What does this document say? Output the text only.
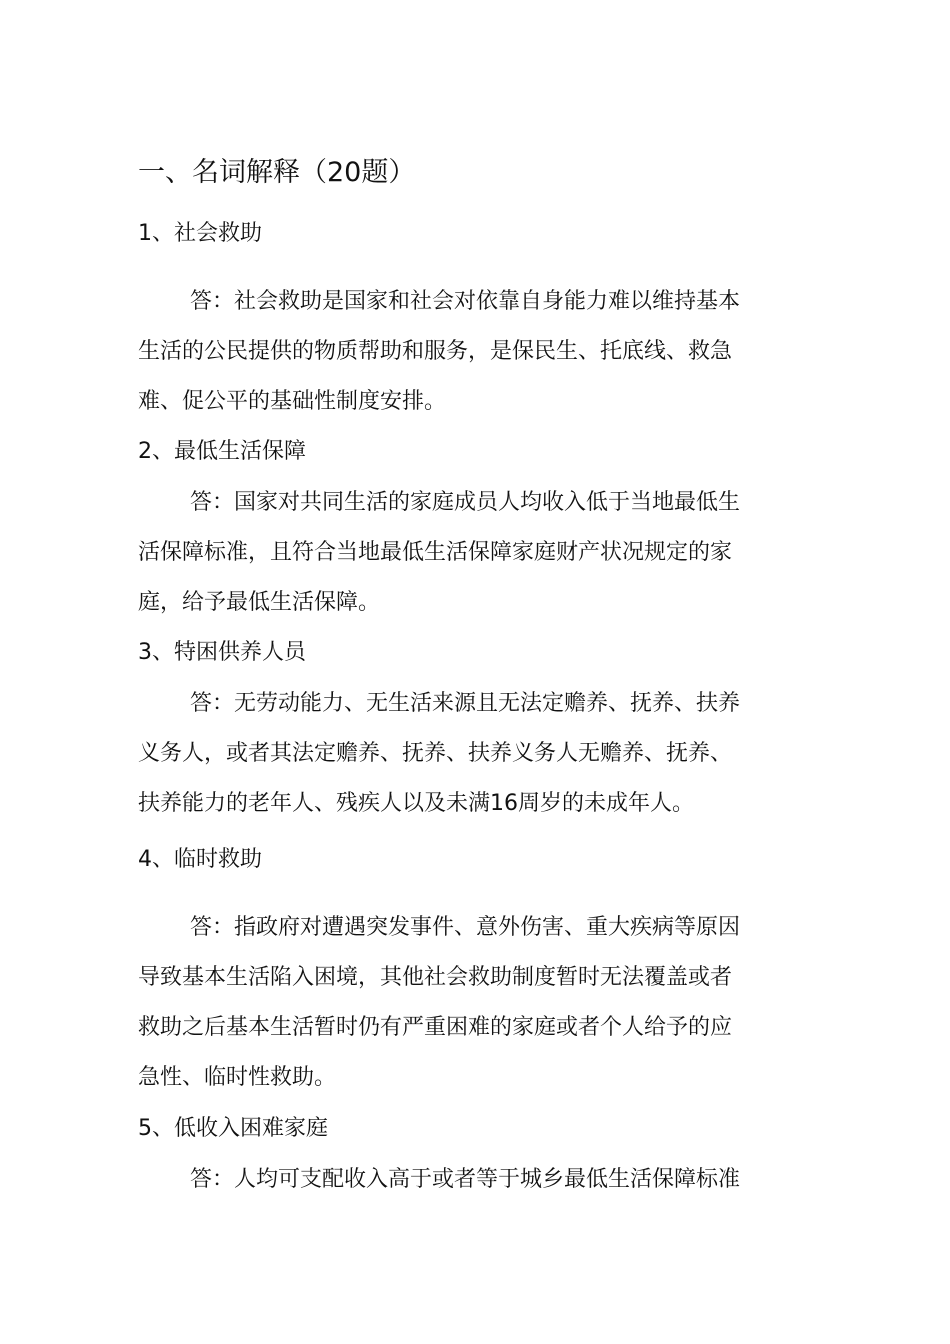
一、名词解释（20题）
1、社会救助
答：社会救助是国家和社会对依靠自身能力难以维持基本
生活的公民提供的物质帮助和服务，是保民生、托底线、救急
难、促公平的基础性制度安排。
2、最低生活保障
答：国家对共同生活的家庭成员人均收入低于当地最低生
活保障标准，且符合当地最低生活保障家庭财产状况规定的家
庭，给予最低生活保障。
3、特困供养人员
答：无劳动能力、无生活来源且无法定赡养、抚养、扶养
义务人，或者其法定赡养、抚养、扶养义务人无赡养、抚养、
扶养能力的老年人、残疾人以及未满16周岁的未成年人。
4、临时救助
答：指政府对遭遇突发事件、意外伤害、重大疾病等原因
导致基本生活陷入困境，其他社会救助制度暂时无法覆盖或者
救助之后基本生活暂时仍有严重困难的家庭或者个人给予的应
急性、临时性救助。
5、低收入困难家庭
答：人均可支配收入高于或者等于城乡最低生活保障标准
